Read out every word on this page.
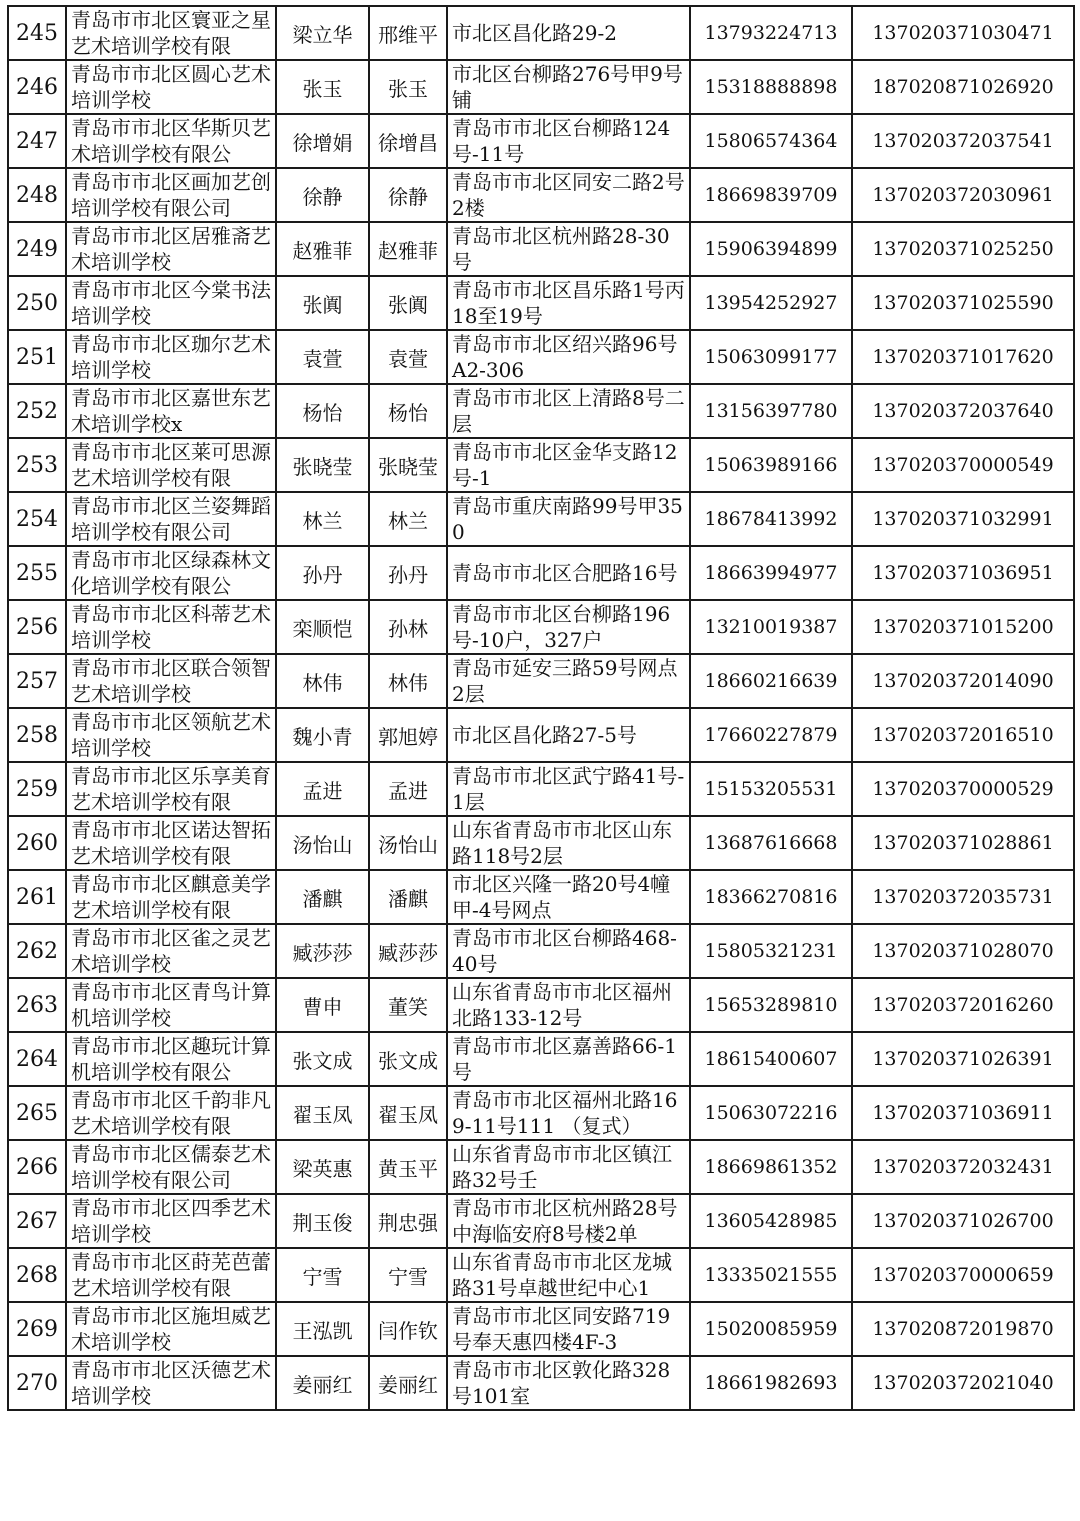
245	青岛市市北区寰亚之星艺术培训学校有限	梁立华	邢维平	市北区昌化路29-2	13793224713	137020371030471
246	青岛市市北区圆心艺术培训学校	张玉	张玉	市北区台柳路276号甲9号铺	15318888898	187020871026920
247	青岛市市北区华斯贝艺术培训学校有限公	徐增娟	徐增昌	青岛市市北区台柳路124号-11号	15806574364	137020372037541
248	青岛市市北区画加艺创培训学校有限公司	徐静	徐静	青岛市市北区同安二路2号2楼	18669839709	137020372030961
249	青岛市市北区居雅斋艺术培训学校	赵雅菲	赵雅菲	青岛市北区杭州路28-30号	15906394899	137020371025250
250	青岛市市北区今棠书法培训学校	张阗	张阗	青岛市市北区昌乐路1号丙18至19号	13954252927	137020371025590
251	青岛市市北区珈尔艺术培训学校	袁萱	袁萱	青岛市市北区绍兴路96号A2-306	15063099177	137020371017620
252	青岛市市北区嘉世东艺术培训学校x	杨怡	杨怡	青岛市市北区上清路8号二层	13156397780	137020372037640
253	青岛市市北区莱可思源艺术培训学校有限	张晓莹	张晓莹	青岛市市北区金华支路12号-1	15063989166	137020370000549
254	青岛市市北区兰姿舞蹈培训学校有限公司	林兰	林兰	青岛市重庆南路99号甲350	18678413992	137020371032991
255	青岛市市北区绿森林文化培训学校有限公	孙丹	孙丹	青岛市市北区合肥路16号	18663994977	137020371036951
256	青岛市市北区科蒂艺术培训学校	栾顺恺	孙林	青岛市市北区台柳路196号-10户，327户	13210019387	137020371015200
257	青岛市市北区联合领智艺术培训学校	林伟	林伟	青岛市延安三路59号网点2层	18660216639	137020372014090
258	青岛市市北区领航艺术培训学校	魏小青	郭旭婷	市北区昌化路27-5号	17660227879	137020372016510
259	青岛市市北区乐享美育艺术培训学校有限	孟进	孟进	青岛市市北区武宁路41号-1层	15153205531	137020370000529
260	青岛市市北区诺达智拓艺术培训学校有限	汤怡山	汤怡山	山东省青岛市市北区山东路118号2层	13687616668	137020371028861
261	青岛市市北区麒意美学艺术培训学校有限	潘麒	潘麒	市北区兴隆一路20号4幢甲-4号网点	18366270816	137020372035731
262	青岛市市北区雀之灵艺术培训学校	臧莎莎	臧莎莎	青岛市市北区台柳路468-40号	15805321231	137020371028070
263	青岛市市北区青鸟计算机培训学校	曹申	董笑	山东省青岛市市北区福州北路133-12号	15653289810	137020372016260
264	青岛市市北区趣玩计算机培训学校有限公	张文成	张文成	青岛市市北区嘉善路66-1号	18615400607	137020371026391
265	青岛市市北区千韵非凡艺术培训学校有限	翟玉凤	翟玉凤	青岛市市北区福州北路169-11号111 （复式）	15063072216	137020371036911
266	青岛市市北区儒泰艺术培训学校有限公司	梁英惠	黄玉平	山东省青岛市市北区镇江路32号壬	18669861352	137020372032431
267	青岛市市北区四季艺术培训学校	荆玉俊	荆忠强	青岛市市北区杭州路28号中海临安府8号楼2单	13605428985	137020371026700
268	青岛市市北区莳芜芭蕾艺术培训学校有限	宁雪	宁雪	山东省青岛市市北区龙城路31号卓越世纪中心1	13335021555	137020370000659
269	青岛市市北区施坦威艺术培训学校	王泓凯	闫作钦	青岛市市北区同安路719号奉天惠四楼4F-3	15020085959	137020872019870
270	青岛市市北区沃德艺术培训学校	姜丽红	姜丽红	青岛市市北区敦化路328号101室	18661982693	137020372021040
